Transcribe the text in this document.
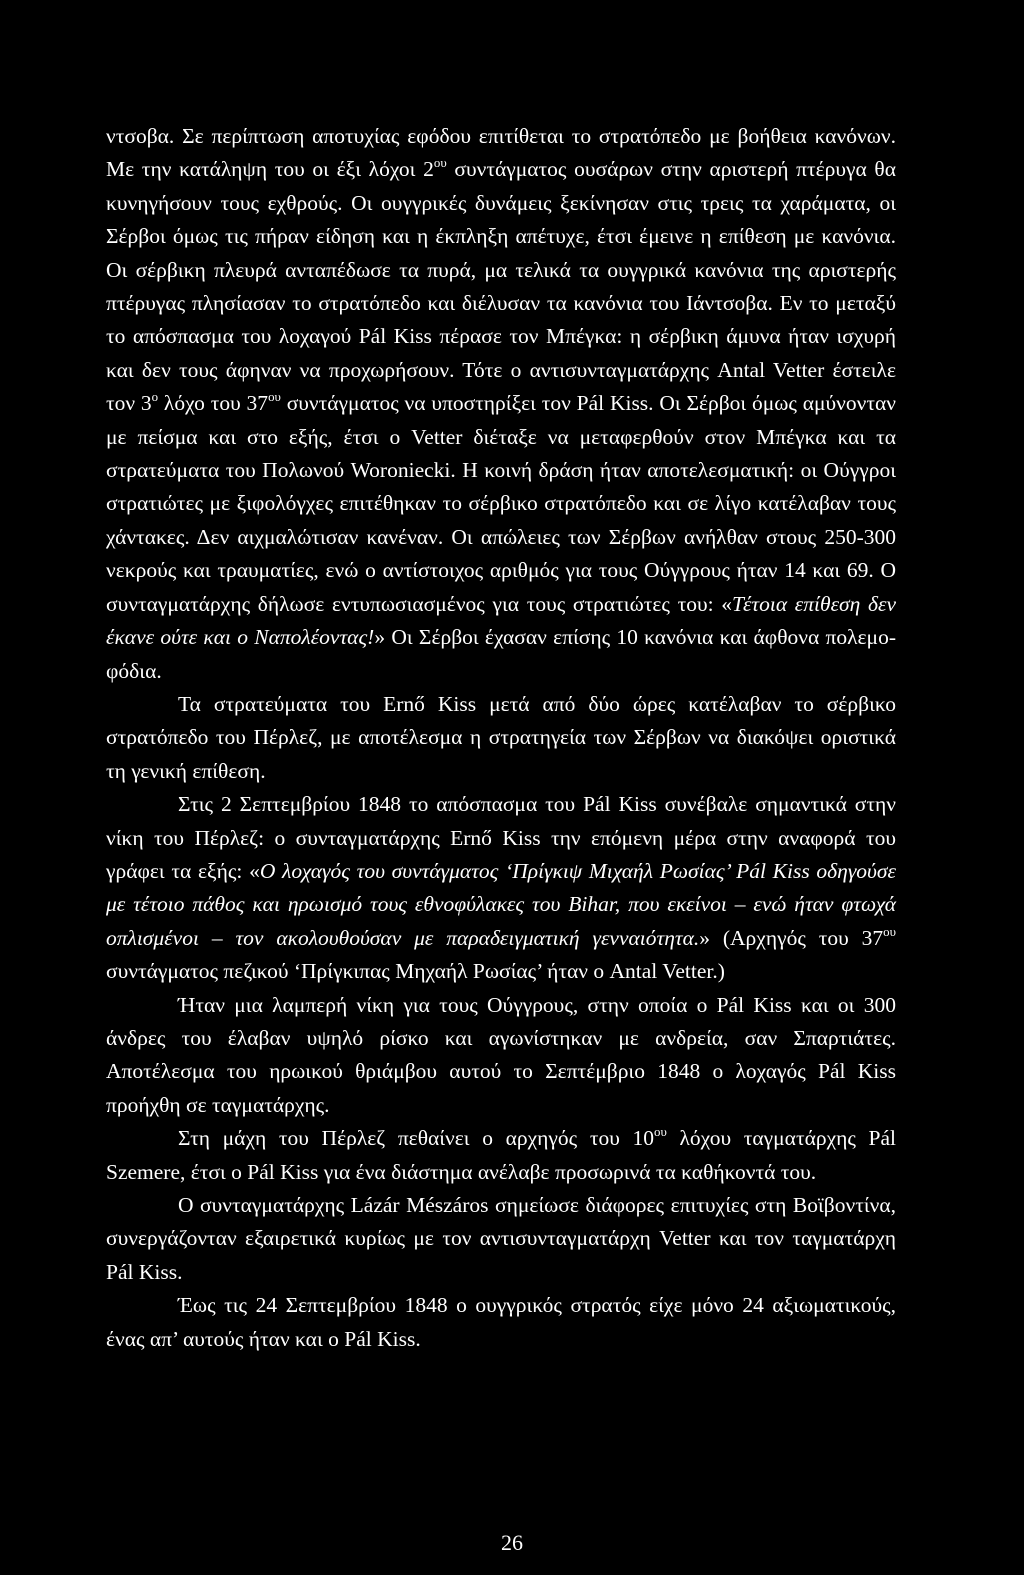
ντσοβα. Σε περίπτωση αποτυχίας εφόδου επιτίθεται το στρατόπεδο με βοήθεια κανόνων. Με την κατάληψη του οι έξι λόχοι $2^{o\upsilon}$ συντάγματος ουσάρων στην αριστερή πτέρυγα θα κυνηγήσουν τους εχθρούς. Οι ουγγρικές δυνάμεις ξεκίνησαν στις τρεις τα χαράματα, οι Σέρβοι όμως τις πήραν είδηση και η έκπληξη απέτυχε, έτσι έμεινε η επίθεση με κανόνια. Οι σέρβικη πλευρά ανταπέδωσε τα πυρά, μα τελικά τα ουγγρικά κανόνια της αριστερής πτέρυγας πλησίασαν το στρατόπεδο και διέλυσαν τα κανόνια του Ιάντσοβα. Εν το μεταξύ το απόσπασμα του λοχαγού Pál Kiss πέρασε τον Μπέγκα: η σέρβικη άμυνα ήταν ισχυρή και δεν τους άφηναν να προχωρήσουν. Τότε ο αντισυνταγματάρχης Antal Vetter έστειλε τον $3^o$ λόχο του $37^{o\upsilon}$ συντάγματος να υποστηρίξει τον Pál Kiss. Οι Σέρβοι όμως αμύνονταν με πείσμα και στο εξής, έτσι ο Vetter διέταξε να μεταφερθούν στον Μπέγκα και τα στρατεύματα του Πολωνού Woroniecki. Η κοινή δράση ήταν αποτελεσματική: οι Ούγγροι στρατιώτες με ξιφολόγχες επιτέθηκαν το σέρβικο στρατόπεδο και σε λίγο κατέλαβαν τους χάντακες. Δεν αιχμαλώτισαν κανέναν. Οι απώλειες των Σέρβων ανήλθαν στους 250-300 νεκρούς και τραυματίες, ενώ ο αντίστοιχος αριθμός για τους Ούγγρους ήταν 14 και 69. Ο συνταγματάρχης δήλωσε εντυπωσιασμένος για τους στρατιώτες του: «Τέτοια επίθεση δεν έκανε ούτε και ο Ναπολέοντας!» Οι Σέρβοι έχασαν επίσης 10 κανόνια και άφθονα πολεμοφόδια.

Τα στρατεύματα του Ernő Kiss μετά από δύο ώρες κατέλαβαν το σέρβικο στρατόπεδο του Πέρλεζ, με αποτέλεσμα η στρατηγεία των Σέρβων να διακόψει οριστικά τη γενική επίθεση.

Στις 2 Σεπτεμβρίου 1848 το απόσπασμα του Pál Kiss συνέβαλε σημαντικά στην νίκη του Πέρλεζ: ο συνταγματάρχης Ernő Kiss την επόμενη μέρα στην αναφορά του γράφει τα εξής: «Ο λοχαγός του συντάγματος ‘Πρίγκιψ Μιχαήλ Ρωσίας’ Pál Kiss οδηγούσε με τέτοιο πάθος και ηρωισμό τους εθνοφύλακες του Bihar, που εκείνοι – ενώ ήταν φτωχά οπλισμένοι – τον ακολουθούσαν με παραδειγματική γενναιότητα.» (Αρχηγός του $37^{o\upsilon}$ συντάγματος πεζικού ‘Πρίγκιπας Μηχαήλ Ρωσίας’ ήταν ο Antal Vetter.)

Ήταν μια λαμπερή νίκη για τους Ούγγρους, στην οποία ο Pál Kiss και οι 300 άνδρες του έλαβαν υψηλό ρίσκο και αγωνίστηκαν με ανδρεία, σαν Σπαρτιάτες. Αποτέλεσμα του ηρωικού θριάμβου αυτού το Σεπτέμβριο 1848 ο λοχαγός Pál Kiss προήχθη σε ταγματάρχης.

Στη μάχη του Πέρλεζ πεθαίνει ο αρχηγός του $10^{o\upsilon}$ λόχου ταγματάρχης Pál Szemere, έτσι ο Pál Kiss για ένα διάστημα ανέλαβε προσωρινά τα καθήκοντά του.

Ο συνταγματάρχης Lázár Mészáros σημείωσε διάφορες επιτυχίες στη Βοϊβοντίνα, συνεργάζονταν εξαιρετικά κυρίως με τον αντισυνταγματάρχη Vetter και τον ταγματάρχη Pál Kiss.

Έως τις 24 Σεπτεμβρίου 1848 ο ουγγρικός στρατός είχε μόνο 24 αξιωματικούς, ένας απ’ αυτούς ήταν και ο Pál Kiss.

26
